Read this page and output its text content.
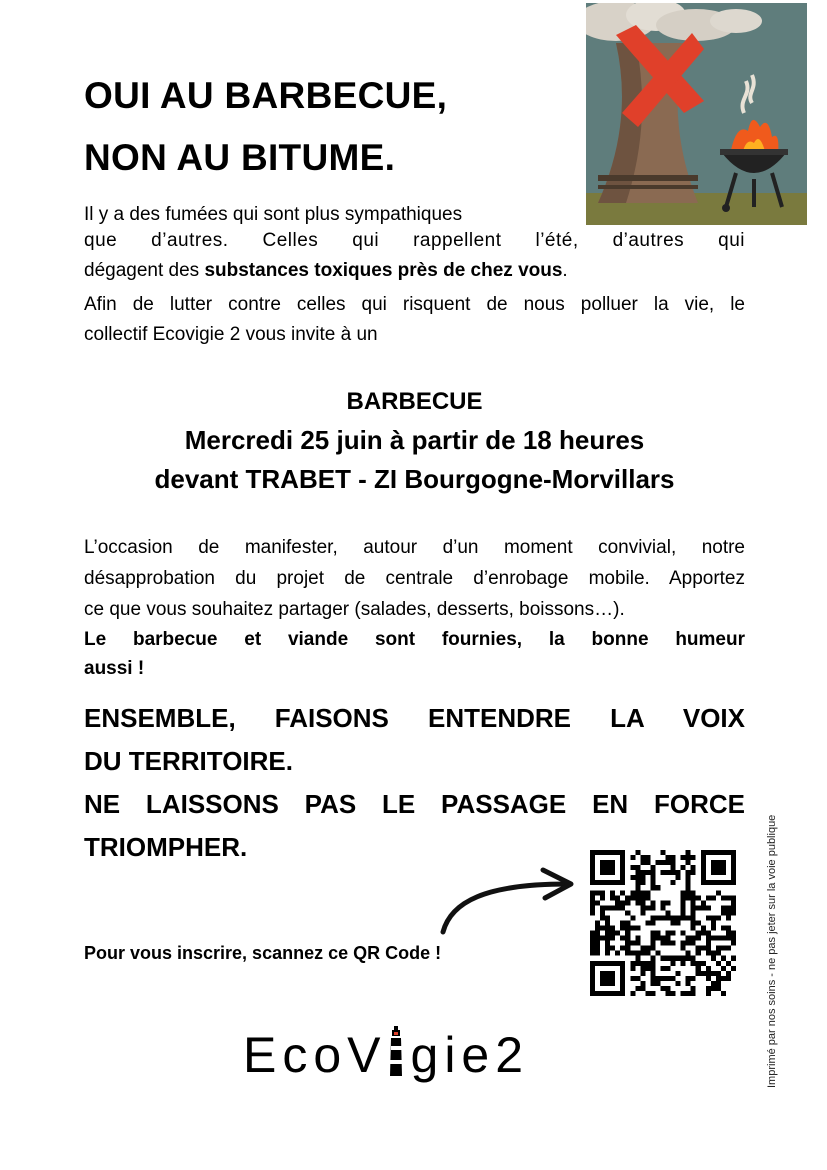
OUI AU BARBECUE,
NON AU BITUME.
Il y a des fumées qui sont plus sympathiques
que d’autres. Celles qui rappellent l’été, d’autres qui
dégagent des substances toxiques près de chez vous.
Afin de lutter contre celles qui risquent de nous polluer la vie, le
collectif Ecovigie 2 vous invite à un
BARBECUE
Mercredi 25 juin à partir de 18 heures
devant TRABET - ZI Bourgogne-Morvillars
L’occasion de manifester, autour d’un moment convivial, notre
désapprobation du projet de centrale d’enrobage mobile. Apportez
ce que vous souhaitez partager (salades, desserts, boissons…).
Le barbecue et viande sont fournies, la bonne humeur
aussi !
ENSEMBLE, FAISONS ENTENDRE LA VOIX
DU TERRITOIRE.
NE LAISSONS PAS LE PASSAGE EN FORCE
TRIOMPHER.
Pour vous inscrire, scannez ce QR Code !
EcoV gie2	Imprimé par nos soins - ne pas jeter sur la voie publique
